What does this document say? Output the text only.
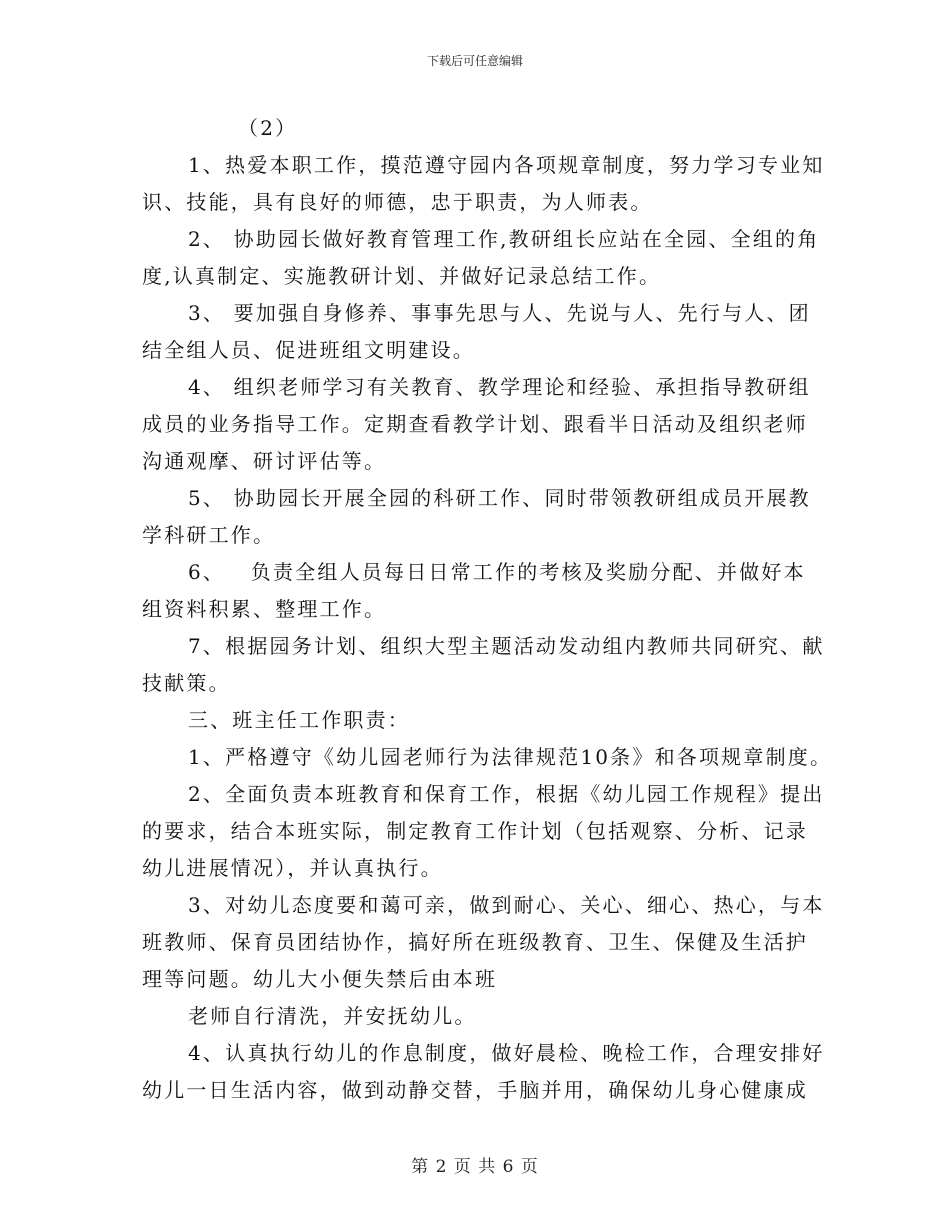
下载后可任意编辑
（2）
1、热爱本职工作，摸范遵守园内各项规章制度，努力学习专业知
识、技能，具有良好的师德，忠于职责，为人师表。
2、 协助园长做好教育管理工作,教研组长应站在全园、全组的角
度,认真制定、实施教研计划、并做好记录总结工作。
3、 要加强自身修养、事事先思与人、先说与人、先行与人、团
结全组人员、促进班组文明建设。
4、 组织老师学习有关教育、教学理论和经验、承担指导教研组
成员的业务指导工作。定期查看教学计划、跟看半日活动及组织老师
沟通观摩、研讨评估等。
5、 协助园长开展全园的科研工作、同时带领教研组成员开展教
学科研工作。
6、   负责全组人员每日日常工作的考核及奖励分配、并做好本
组资料积累、整理工作。
7、根据园务计划、组织大型主题活动发动组内教师共同研究、献
技献策。
三、班主任工作职责：
1、严格遵守《幼儿园老师行为法律规范10条》和各项规章制度。
2、全面负责本班教育和保育工作，根据《幼儿园工作规程》提出
的要求，结合本班实际，制定教育工作计划（包括观察、分析、记录
幼儿进展情况），并认真执行。
3、对幼儿态度要和蔼可亲，做到耐心、关心、细心、热心，与本
班教师、保育员团结协作，搞好所在班级教育、卫生、保健及生活护
理等问题。幼儿大小便失禁后由本班
老师自行清洗，并安抚幼儿。
4、认真执行幼儿的作息制度，做好晨检、晚检工作，合理安排好
幼儿一日生活内容，做到动静交替，手脑并用，确保幼儿身心健康成
第 2 页 共 6 页
